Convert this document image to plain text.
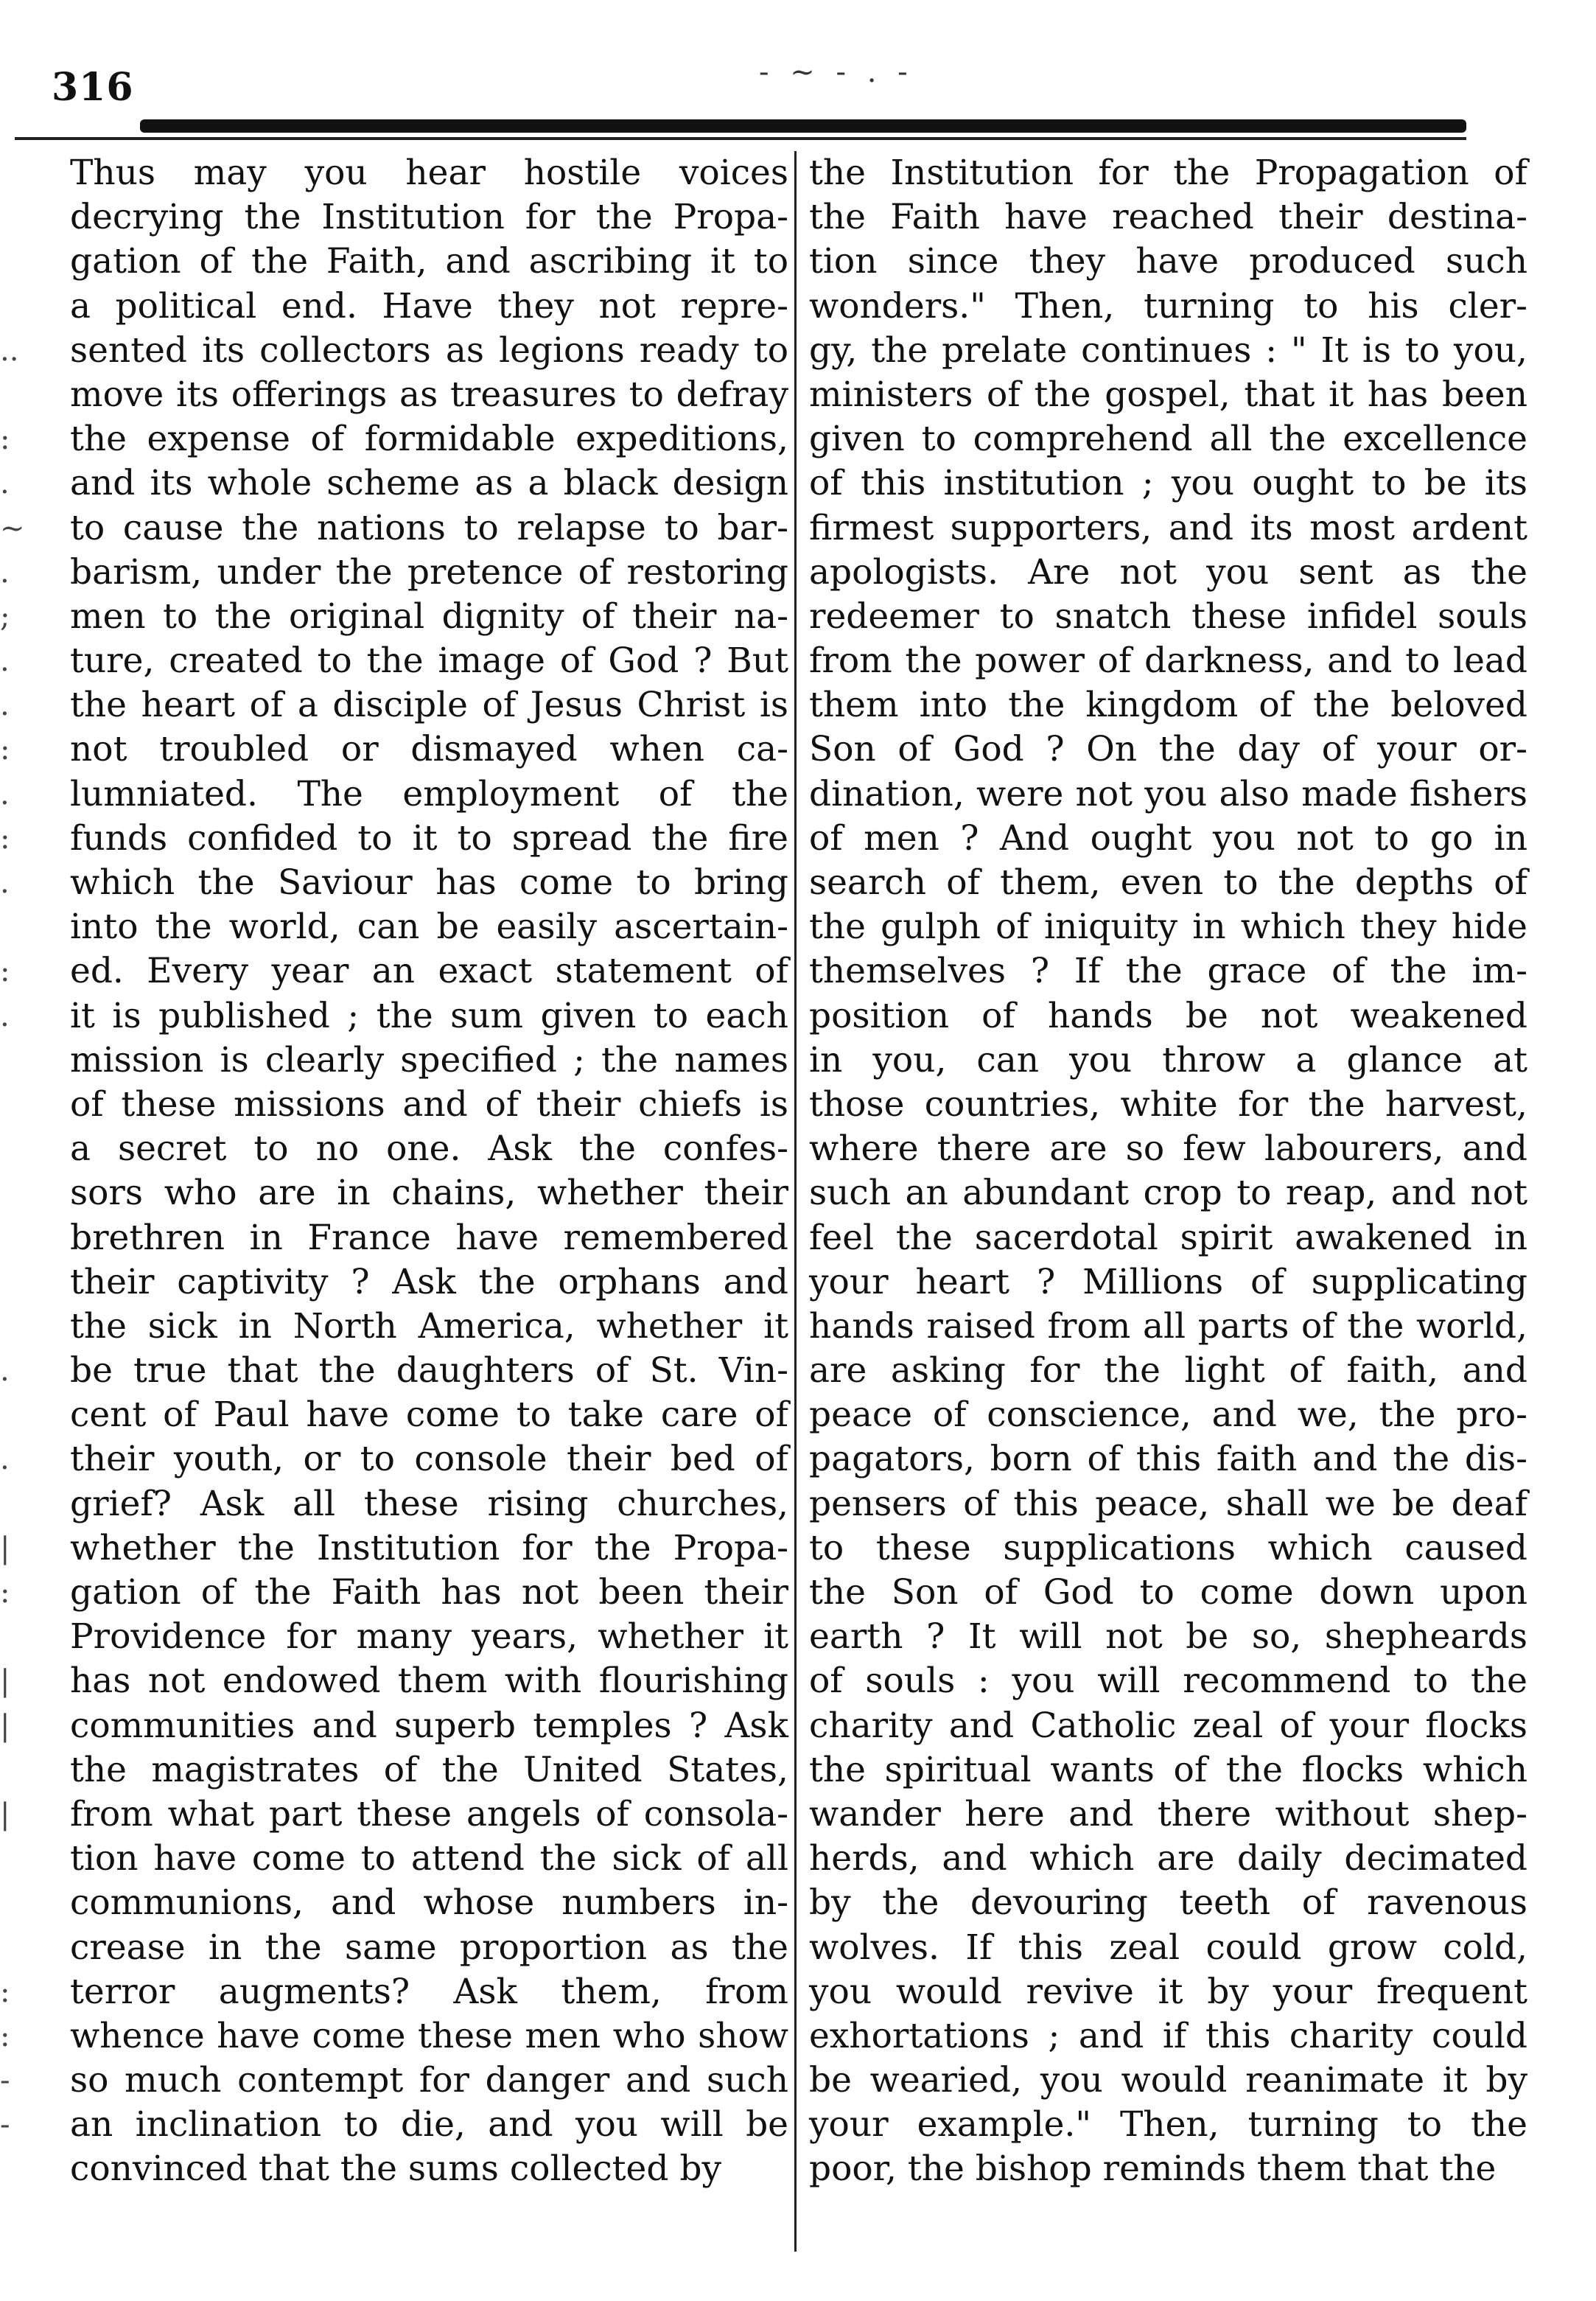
316	- ~ - . -
..
:
.
~
.
;
.
.
:
.
:
.
:
.
.
.
|
:
|
|
|
:
:
-
-
Thus may you hear hostile voices
decrying the Institution for the Propa-
gation of the Faith, and ascribing it to
a political end. Have they not repre-
sented its collectors as legions ready to
move its offerings as treasures to defray
the expense of formidable expeditions,
and its whole scheme as a black design
to cause the nations to relapse to bar-
barism, under the pretence of restoring
men to the original dignity of their na-
ture, created to the image of God ? But
the heart of a disciple of Jesus Christ is
not troubled or dismayed when ca-
lumniated. The employment of the
funds confided to it to spread the fire
which the Saviour has come to bring
into the world, can be easily ascertain-
ed. Every year an exact statement of
it is published ; the sum given to each
mission is clearly specified ; the names
of these missions and of their chiefs is
a secret to no one. Ask the confes-
sors who are in chains, whether their
brethren in France have remembered
their captivity ? Ask the orphans and
the sick in North America, whether it
be true that the daughters of St. Vin-
cent of Paul have come to take care of
their youth, or to console their bed of
grief? Ask all these rising churches,
whether the Institution for the Propa-
gation of the Faith has not been their
Providence for many years, whether it
has not endowed them with flourishing
communities and superb temples ? Ask
the magistrates of the United States,
from what part these angels of consola-
tion have come to attend the sick of all
communions, and whose numbers in-
crease in the same proportion as the
terror augments? Ask them, from
whence have come these men who show
so much contempt for danger and such
an inclination to die, and you will be
convinced that the sums collected by
the Institution for the Propagation of
the Faith have reached their destina-
tion since they have produced such
wonders." Then, turning to his cler-
gy, the prelate continues : " It is to you,
ministers of the gospel, that it has been
given to comprehend all the excellence
of this institution ; you ought to be its
firmest supporters, and its most ardent
apologists. Are not you sent as the
redeemer to snatch these infidel souls
from the power of darkness, and to lead
them into the kingdom of the beloved
Son of God ? On the day of your or-
dination, were not you also made fishers
of men ? And ought you not to go in
search of them, even to the depths of
the gulph of iniquity in which they hide
themselves ? If the grace of the im-
position of hands be not weakened
in you, can you throw a glance at
those countries, white for the harvest,
where there are so few labourers, and
such an abundant crop to reap, and not
feel the sacerdotal spirit awakened in
your heart ? Millions of supplicating
hands raised from all parts of the world,
are asking for the light of faith, and
peace of conscience, and we, the pro-
pagators, born of this faith and the dis-
pensers of this peace, shall we be deaf
to these supplications which caused
the Son of God to come down upon
earth ? It will not be so, shepheards
of souls : you will recommend to the
charity and Catholic zeal of your flocks
the spiritual wants of the flocks which
wander here and there without shep-
herds, and which are daily decimated
by the devouring teeth of ravenous
wolves. If this zeal could grow cold,
you would revive it by your frequent
exhortations ; and if this charity could
be wearied, you would reanimate it by
your example." Then, turning to the
poor, the bishop reminds them that the
